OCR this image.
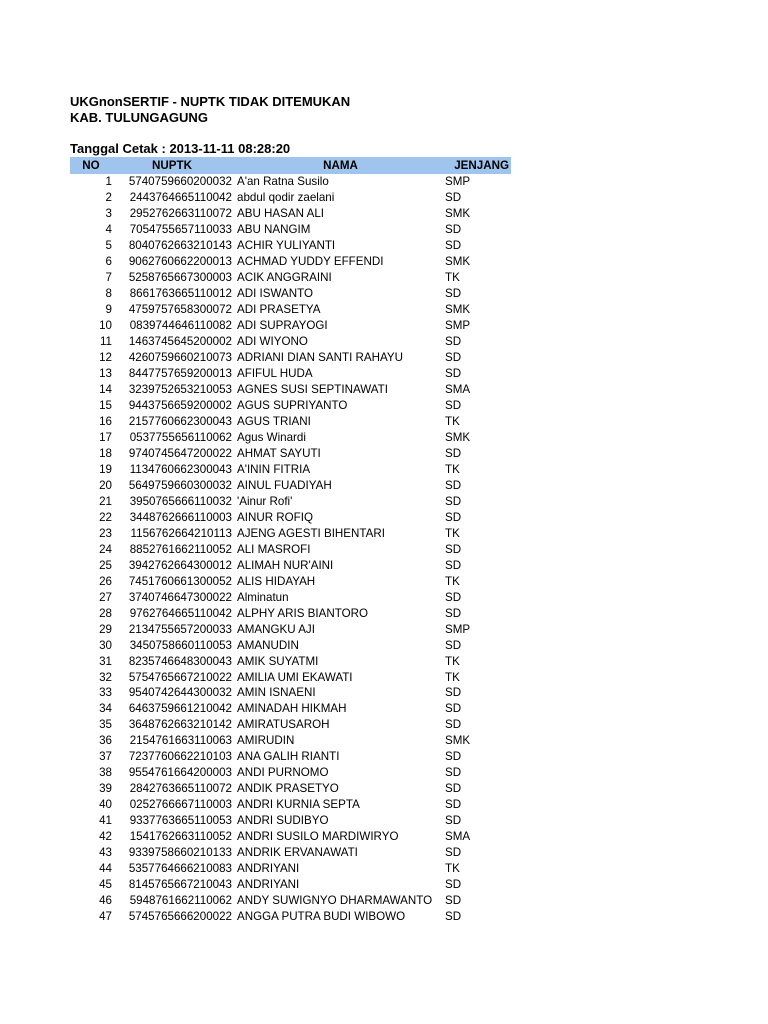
UKGnonSERTIF - NUPTK TIDAK DITEMUKAN
KAB. TULUNGAGUNG
Tanggal Cetak : 2013-11-11 08:28:20
NO	NUPTK	NAMA	JENJANG
1	5740759660200032	A'an Ratna Susilo	SMP
2	2443764665110042	abdul qodir zaelani	SD
3	2952762663110072	ABU HASAN ALI	SMK
4	7054755657110033	ABU NANGIM	SD
5	8040762663210143	ACHIR YULIYANTI	SD
6	9062760662200013	ACHMAD YUDDY EFFENDI	SMK
7	5258765667300003	ACIK ANGGRAINI	TK
8	8661763665110012	ADI ISWANTO	SD
9	4759757658300072	ADI PRASETYA	SMK
10	0839744646110082	ADI SUPRAYOGI	SMP
11	1463745645200002	ADI WIYONO	SD
12	4260759660210073	ADRIANI DIAN SANTI RAHAYU	SD
13	8447757659200013	AFIFUL HUDA	SD
14	3239752653210053	AGNES SUSI SEPTINAWATI	SMA
15	9443756659200002	AGUS SUPRIYANTO	SD
16	2157760662300043	AGUS TRIANI	TK
17	0537755656110062	Agus Winardi	SMK
18	9740745647200022	AHMAT SAYUTI	SD
19	1134760662300043	A'ININ FITRIA	TK
20	5649759660300032	AINUL FUADIYAH	SD
21	3950765666110032	'Ainur Rofi'	SD
22	3448762666110003	AINUR ROFIQ	SD
23	1156762664210113	AJENG AGESTI BIHENTARI	TK
24	8852761662110052	ALI MASROFI	SD
25	3942762664300012	ALIMAH NUR'AINI	SD
26	7451760661300052	ALIS HIDAYAH	TK
27	3740746647300022	Alminatun	SD
28	9762764665110042	ALPHY ARIS BIANTORO	SD
29	2134755657200033	AMANGKU AJI	SMP
30	3450758660110053	AMANUDIN	SD
31	8235746648300043	AMIK SUYATMI	TK
32	5754765667210022	AMILIA UMI EKAWATI	TK
33	9540742644300032	AMIN ISNAENI	SD
34	6463759661210042	AMINADAH HIKMAH	SD
35	3648762663210142	AMIRATUSAROH	SD
36	2154761663110063	AMIRUDIN	SMK
37	7237760662210103	ANA GALIH RIANTI	SD
38	9554761664200003	ANDI PURNOMO	SD
39	2842763665110072	ANDIK PRASETYO	SD
40	0252766667110003	ANDRI KURNIA SEPTA	SD
41	9337763665110053	ANDRI SUDIBYO	SD
42	1541762663110052	ANDRI SUSILO MARDIWIRYO	SMA
43	9339758660210133	ANDRIK ERVANAWATI	SD
44	5357764666210083	ANDRIYANI	TK
45	8145765667210043	ANDRIYANI	SD
46	5948761662110062	ANDY SUWIGNYO DHARMAWANTO	SD
47	5745765666200022	ANGGA PUTRA BUDI WIBOWO	SD
